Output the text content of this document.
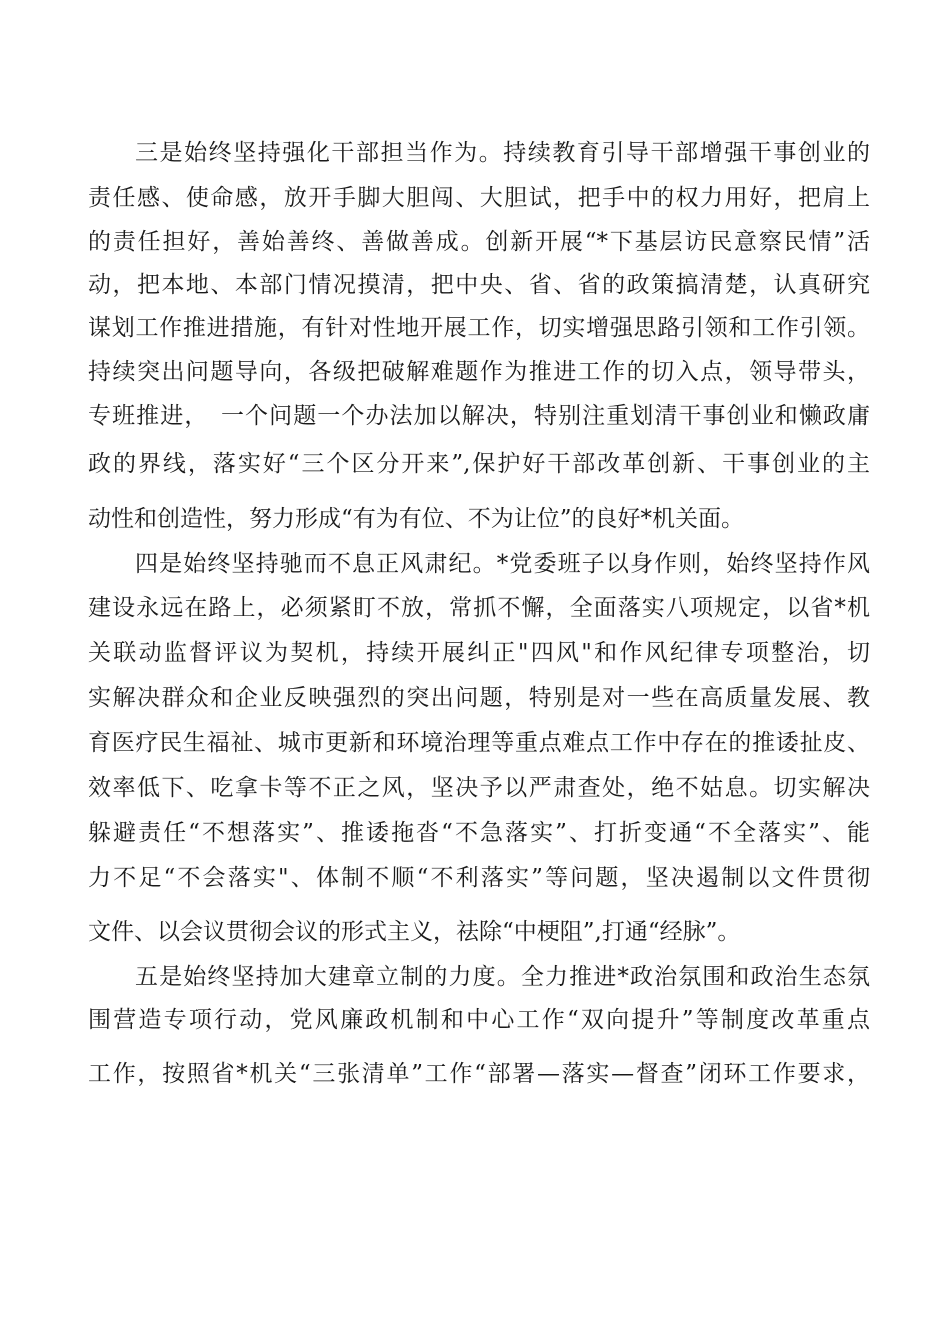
三是始终坚持强化干部担当作为。持续教育引导干部增强干事创业的
责任感、使命感，放开手脚大胆闯、大胆试，把手中的权力用好，把肩上
的责任担好，善始善终、善做善成。创新开展“*下基层访民意察民情”活
动，把本地、本部门情况摸清，把中央、省、省的政策搞清楚，认真研究
谋划工作推进措施，有针对性地开展工作，切实增强思路引领和工作引领。
持续突出问题导向，各级把破解难题作为推进工作的切入点，领导带头，
专班推进，　一个问题一个办法加以解决，特别注重划清干事创业和懒政庸
政的界线，落实好“三个区分开来”,保护好干部改革创新、干事创业的主
动性和创造性，努力形成“有为有位、不为让位”的良好*机关面。
四是始终坚持驰而不息正风肃纪。*党委班子以身作则，始终坚持作风
建设永远在路上，必须紧盯不放，常抓不懈，全面落实八项规定，以省*机
关联动监督评议为契机，持续开展纠正"四风"和作风纪律专项整治，切
实解决群众和企业反映强烈的突出问题，特别是对一些在高质量发展、教
育医疗民生福祉、城市更新和环境治理等重点难点工作中存在的推诿扯皮、
效率低下、吃拿卡等不正之风，坚决予以严肃查处，绝不姑息。切实解决
躲避责任“不想落实”、推诿拖沓“不急落实”、打折变通“不全落实”、能
力不足“不会落实"、体制不顺“不利落实”等问题，坚决遏制以文件贯彻
文件、以会议贯彻会议的形式主义，祛除“中梗阻”,打通“经脉”。
五是始终坚持加大建章立制的力度。全力推进*政治氛围和政治生态氛
围营造专项行动，党风廉政机制和中心工作“双向提升”等制度改革重点
工作，按照省*机关“三张清单”工作“部署—落实—督查”闭环工作要求，
